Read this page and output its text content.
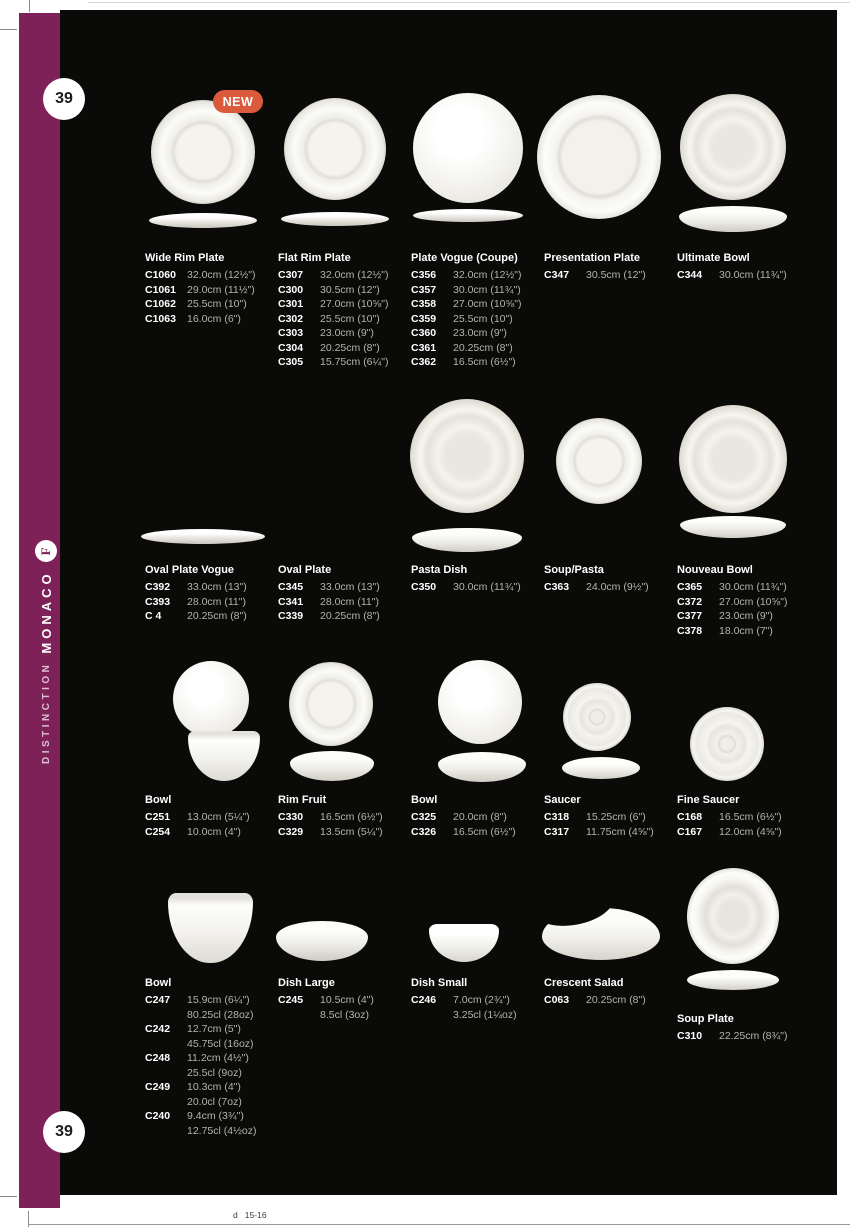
NEW
Wide Rim Plate
C1060 32.0cm (12½")
C1061 29.0cm (11½")
C1062 25.5cm (10")
C1063 16.0cm (6")
Flat Rim Plate
C307 32.0cm (12½")
C300 30.5cm (12")
C301 27.0cm (10⅝")
C302 25.5cm (10")
C303 23.0cm (9")
C304 20.25cm (8")
C305 15.75cm (6¼")
Plate Vogue (Coupe)
C356 32.0cm (12½")
C357 30.0cm (11¾")
C358 27.0cm (10⅝")
C359 25.5cm (10")
C360 23.0cm (9")
C361 20.25cm (8")
C362 16.5cm (6½")
Presentation Plate
C347 30.5cm (12")
Ultimate Bowl
C344 30.0cm (11¾")
Oval Plate Vogue
C392 33.0cm (13")
C393 28.0cm (11")
C 4 20.25cm (8")
Oval Plate
C345 33.0cm (13")
C341 28.0cm (11")
C339 20.25cm (8")
Pasta Dish
C350 30.0cm (11¾")
Soup/Pasta
C363 24.0cm (9½")
Nouveau Bowl
C365 30.0cm (11¾")
C372 27.0cm (10⅝")
C377 23.0cm (9")
C378 18.0cm (7")
Bowl
C251 13.0cm (5¼")
C254 10.0cm (4")
Rim Fruit
C330 16.5cm (6½")
C329 13.5cm (5¼")
Bowl
C325 20.0cm (8")
C326 16.5cm (6½")
Saucer
C318 15.25cm (6")
C317 11.75cm (4⅝")
Fine Saucer
C168 16.5cm (6½")
C167 12.0cm (4⅝")
Bowl
C247 15.9cm (6¼")
80.25cl (28oz)
C242 12.7cm (5")
45.75cl (16oz)
C248 11.2cm (4½")
25.5cl (9oz)
C249 10.3cm (4")
20.0cl (7oz)
C240 9.4cm (3¾")
12.75cl (4½oz)
Dish Large
C245 10.5cm (4")
8.5cl (3oz)
Dish Small
C246 7.0cm (2¾")
3.25cl (1¼oz)
Crescent Salad
C063 20.25cm (8")
Soup Plate
C310 22.25cm (8¾")
39
39
DISTINCTION
MONACO
F
d   15-16
